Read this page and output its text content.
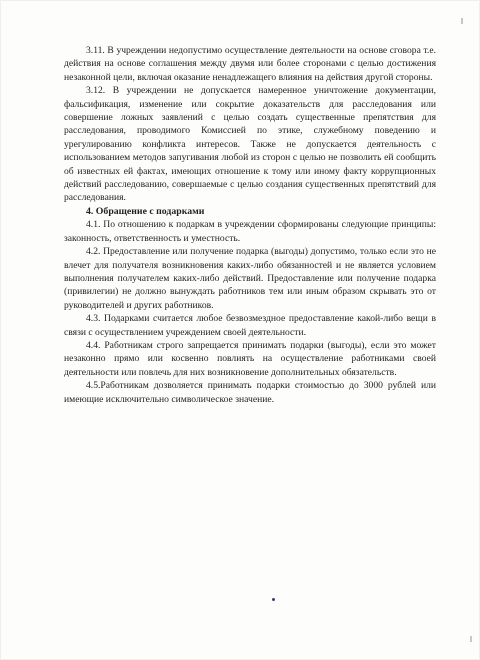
3.11. В учреждении недопустимо осуществление деятельности на основе сговора т.е. действия на основе соглашения между двумя или более сторонами с целью достижения незаконной цели, включая оказание ненадлежащего влияния на действия другой стороны.

3.12. В учреждении не допускается намеренное уничтожение документации, фальсификация, изменение или сокрытие доказательств для расследования или совершение ложных заявлений с целью создать существенные препятствия для расследования, проводимого Комиссией по этике, служебному поведению и урегулированию конфликта интересов. Также не допускается деятельность с использованием методов запугивания любой из сторон с целью не позволить ей сообщить об известных ей фактах, имеющих отношение к тому или иному факту коррупционных действий расследованию, совершаемые с целью создания существенных препятствий для расследования.

4. Обращение с подарками

4.1. По отношению к подаркам в учреждении сформированы следующие принципы: законность, ответственность и уместность.

4.2. Предоставление или получение подарка (выгоды) допустимо, только если это не влечет для получателя возникновения каких-либо обязанностей и не является условием выполнения получателем каких-либо действий. Предоставление или получение подарка (привилегии) не должно вынуждать работников тем или иным образом скрывать это от руководителей и других работников.

4.3. Подарками считается любое безвозмездное предоставление какой-либо вещи в связи с осуществлением учреждением своей деятельности.

4.4. Работникам строго запрещается принимать подарки (выгоды), если это может незаконно прямо или косвенно повлиять на осуществление работниками своей деятельности или повлечь для них возникновение дополнительных обязательств.

4.5.Работникам дозволяется принимать подарки стоимостью до 3000 рублей или имеющие исключительно символическое значение.
